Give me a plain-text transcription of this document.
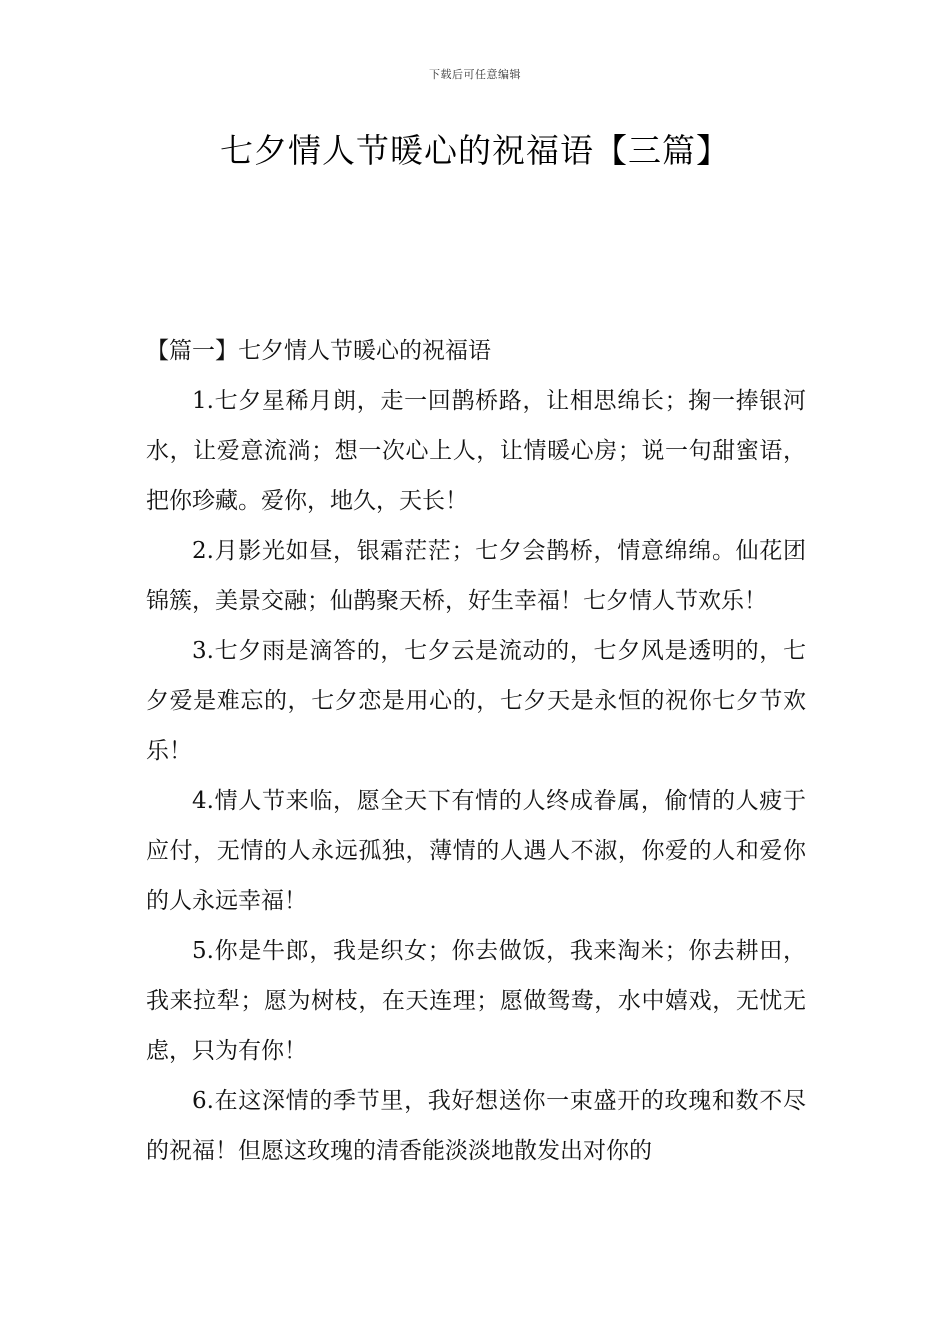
下载后可任意编辑
七夕情人节暖心的祝福语【三篇】

【篇一】七夕情人节暖心的祝福语

1.七夕星稀月朗，走一回鹊桥路，让相思绵长；掬一捧银河水，让爱意流淌；想一次心上人，让情暖心房；说一句甜蜜语，把你珍藏。爱你，地久，天长！

2.月影光如昼，银霜茫茫；七夕会鹊桥，情意绵绵。仙花团锦簇，美景交融；仙鹊聚天桥，好生幸福！七夕情人节欢乐！

3.七夕雨是滴答的，七夕云是流动的，七夕风是透明的，七夕爱是难忘的，七夕恋是用心的，七夕天是永恒的祝你七夕节欢乐！

4.情人节来临，愿全天下有情的人终成眷属，偷情的人疲于应付，无情的人永远孤独，薄情的人遇人不淑，你爱的人和爱你的人永远幸福！

5.你是牛郎，我是织女；你去做饭，我来淘米；你去耕田，我来拉犁；愿为树枝，在天连理；愿做鸳鸯，水中嬉戏，无忧无虑，只为有你！

6.在这深情的季节里，我好想送你一束盛开的玫瑰和数不尽的祝福！但愿这玫瑰的清香能淡淡地散发出对你的
